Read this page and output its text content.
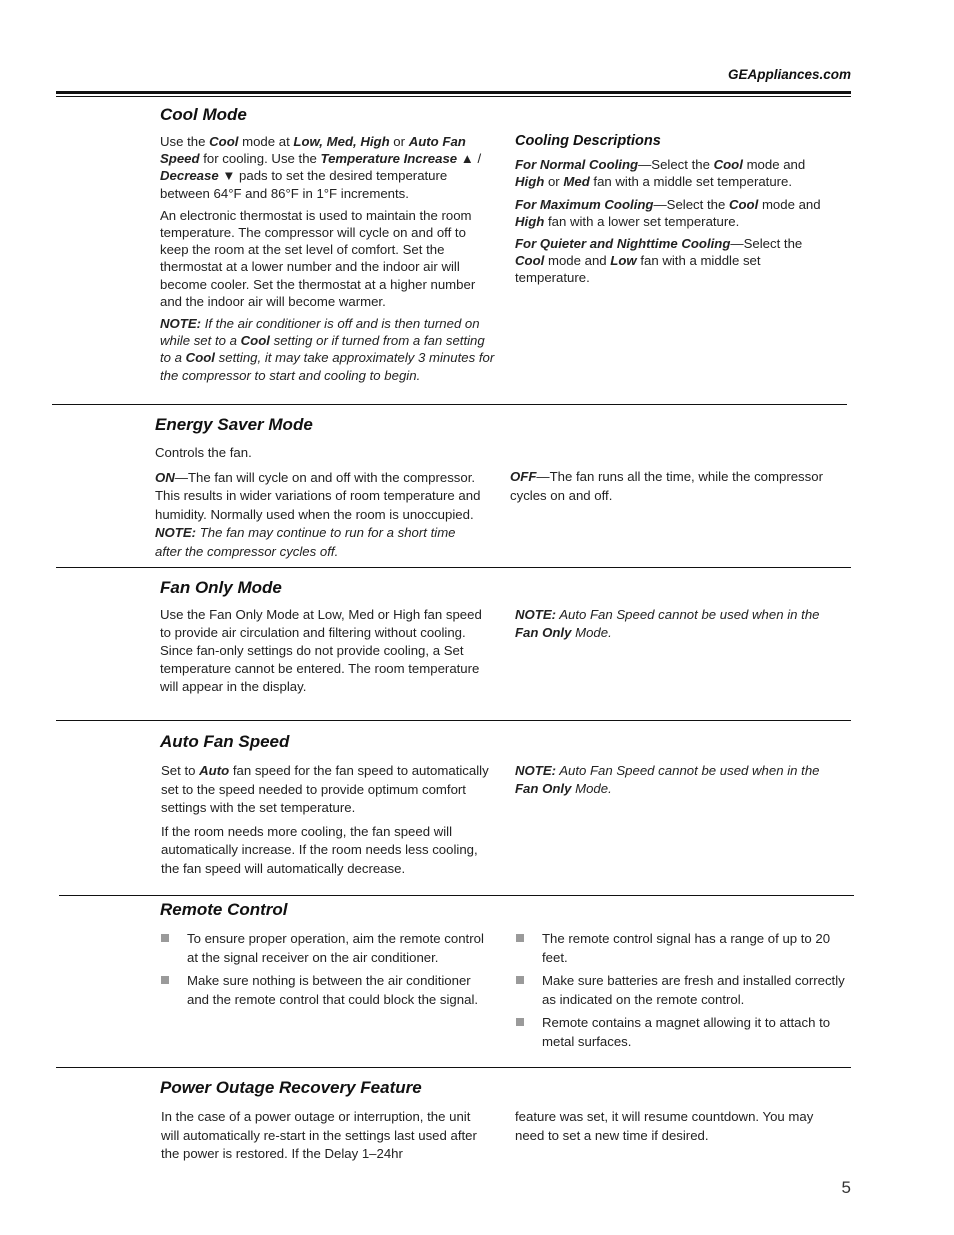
GEAppliances.com
Cool Mode

Use the Cool mode at Low, Med, High or Auto Fan Speed for cooling. Use the Temperature Increase ▲ / Decrease ▼ pads to set the desired temperature between 64°F and 86°F in 1°F increments.

An electronic thermostat is used to maintain the room temperature. The compressor will cycle on and off to keep the room at the set level of comfort. Set the thermostat at a lower number and the indoor air will become cooler. Set the thermostat at a higher number and the indoor air will become warmer.

NOTE: If the air conditioner is off and is then turned on while set to a Cool setting or if turned from a fan setting to a Cool setting, it may take approximately 3 minutes for the compressor to start and cooling to begin.

Cooling Descriptions

For Normal Cooling—Select the Cool mode and High or Med fan with a middle set temperature.

For Maximum Cooling—Select the Cool mode and High fan with a lower set temperature.

For Quieter and Nighttime Cooling—Select the Cool mode and Low fan with a middle set temperature.

Energy Saver Mode

Controls the fan.

ON—The fan will cycle on and off with the compressor. This results in wider variations of room temperature and humidity. Normally used when the room is unoccupied. NOTE: The fan may continue to run for a short time after the compressor cycles off.

OFF—The fan runs all the time, while the compressor cycles on and off.

Fan Only Mode

Use the Fan Only Mode at Low, Med or High fan speed to provide air circulation and filtering without cooling. Since fan-only settings do not provide cooling, a Set temperature cannot be entered. The room temperature will appear in the display.

NOTE: Auto Fan Speed cannot be used when in the Fan Only Mode.

Auto Fan Speed

Set to Auto fan speed for the fan speed to automatically set to the speed needed to provide optimum comfort settings with the set temperature.

If the room needs more cooling, the fan speed will automatically increase. If the room needs less cooling, the fan speed will automatically decrease.

NOTE: Auto Fan Speed cannot be used when in the Fan Only Mode.

Remote Control
To ensure proper operation, aim the remote control at the signal receiver on the air conditioner.
Make sure nothing is between the air conditioner and the remote control that could block the signal.
The remote control signal has a range of up to 20 feet.
Make sure batteries are fresh and installed correctly as indicated on the remote control.
Remote contains a magnet allowing it to attach to metal surfaces.
Power Outage Recovery Feature

In the case of a power outage or interruption, the unit will automatically re-start in the settings last used after the power is restored. If the Delay 1–24hr

feature was set, it will resume countdown. You may need to set a new time if desired.

5
